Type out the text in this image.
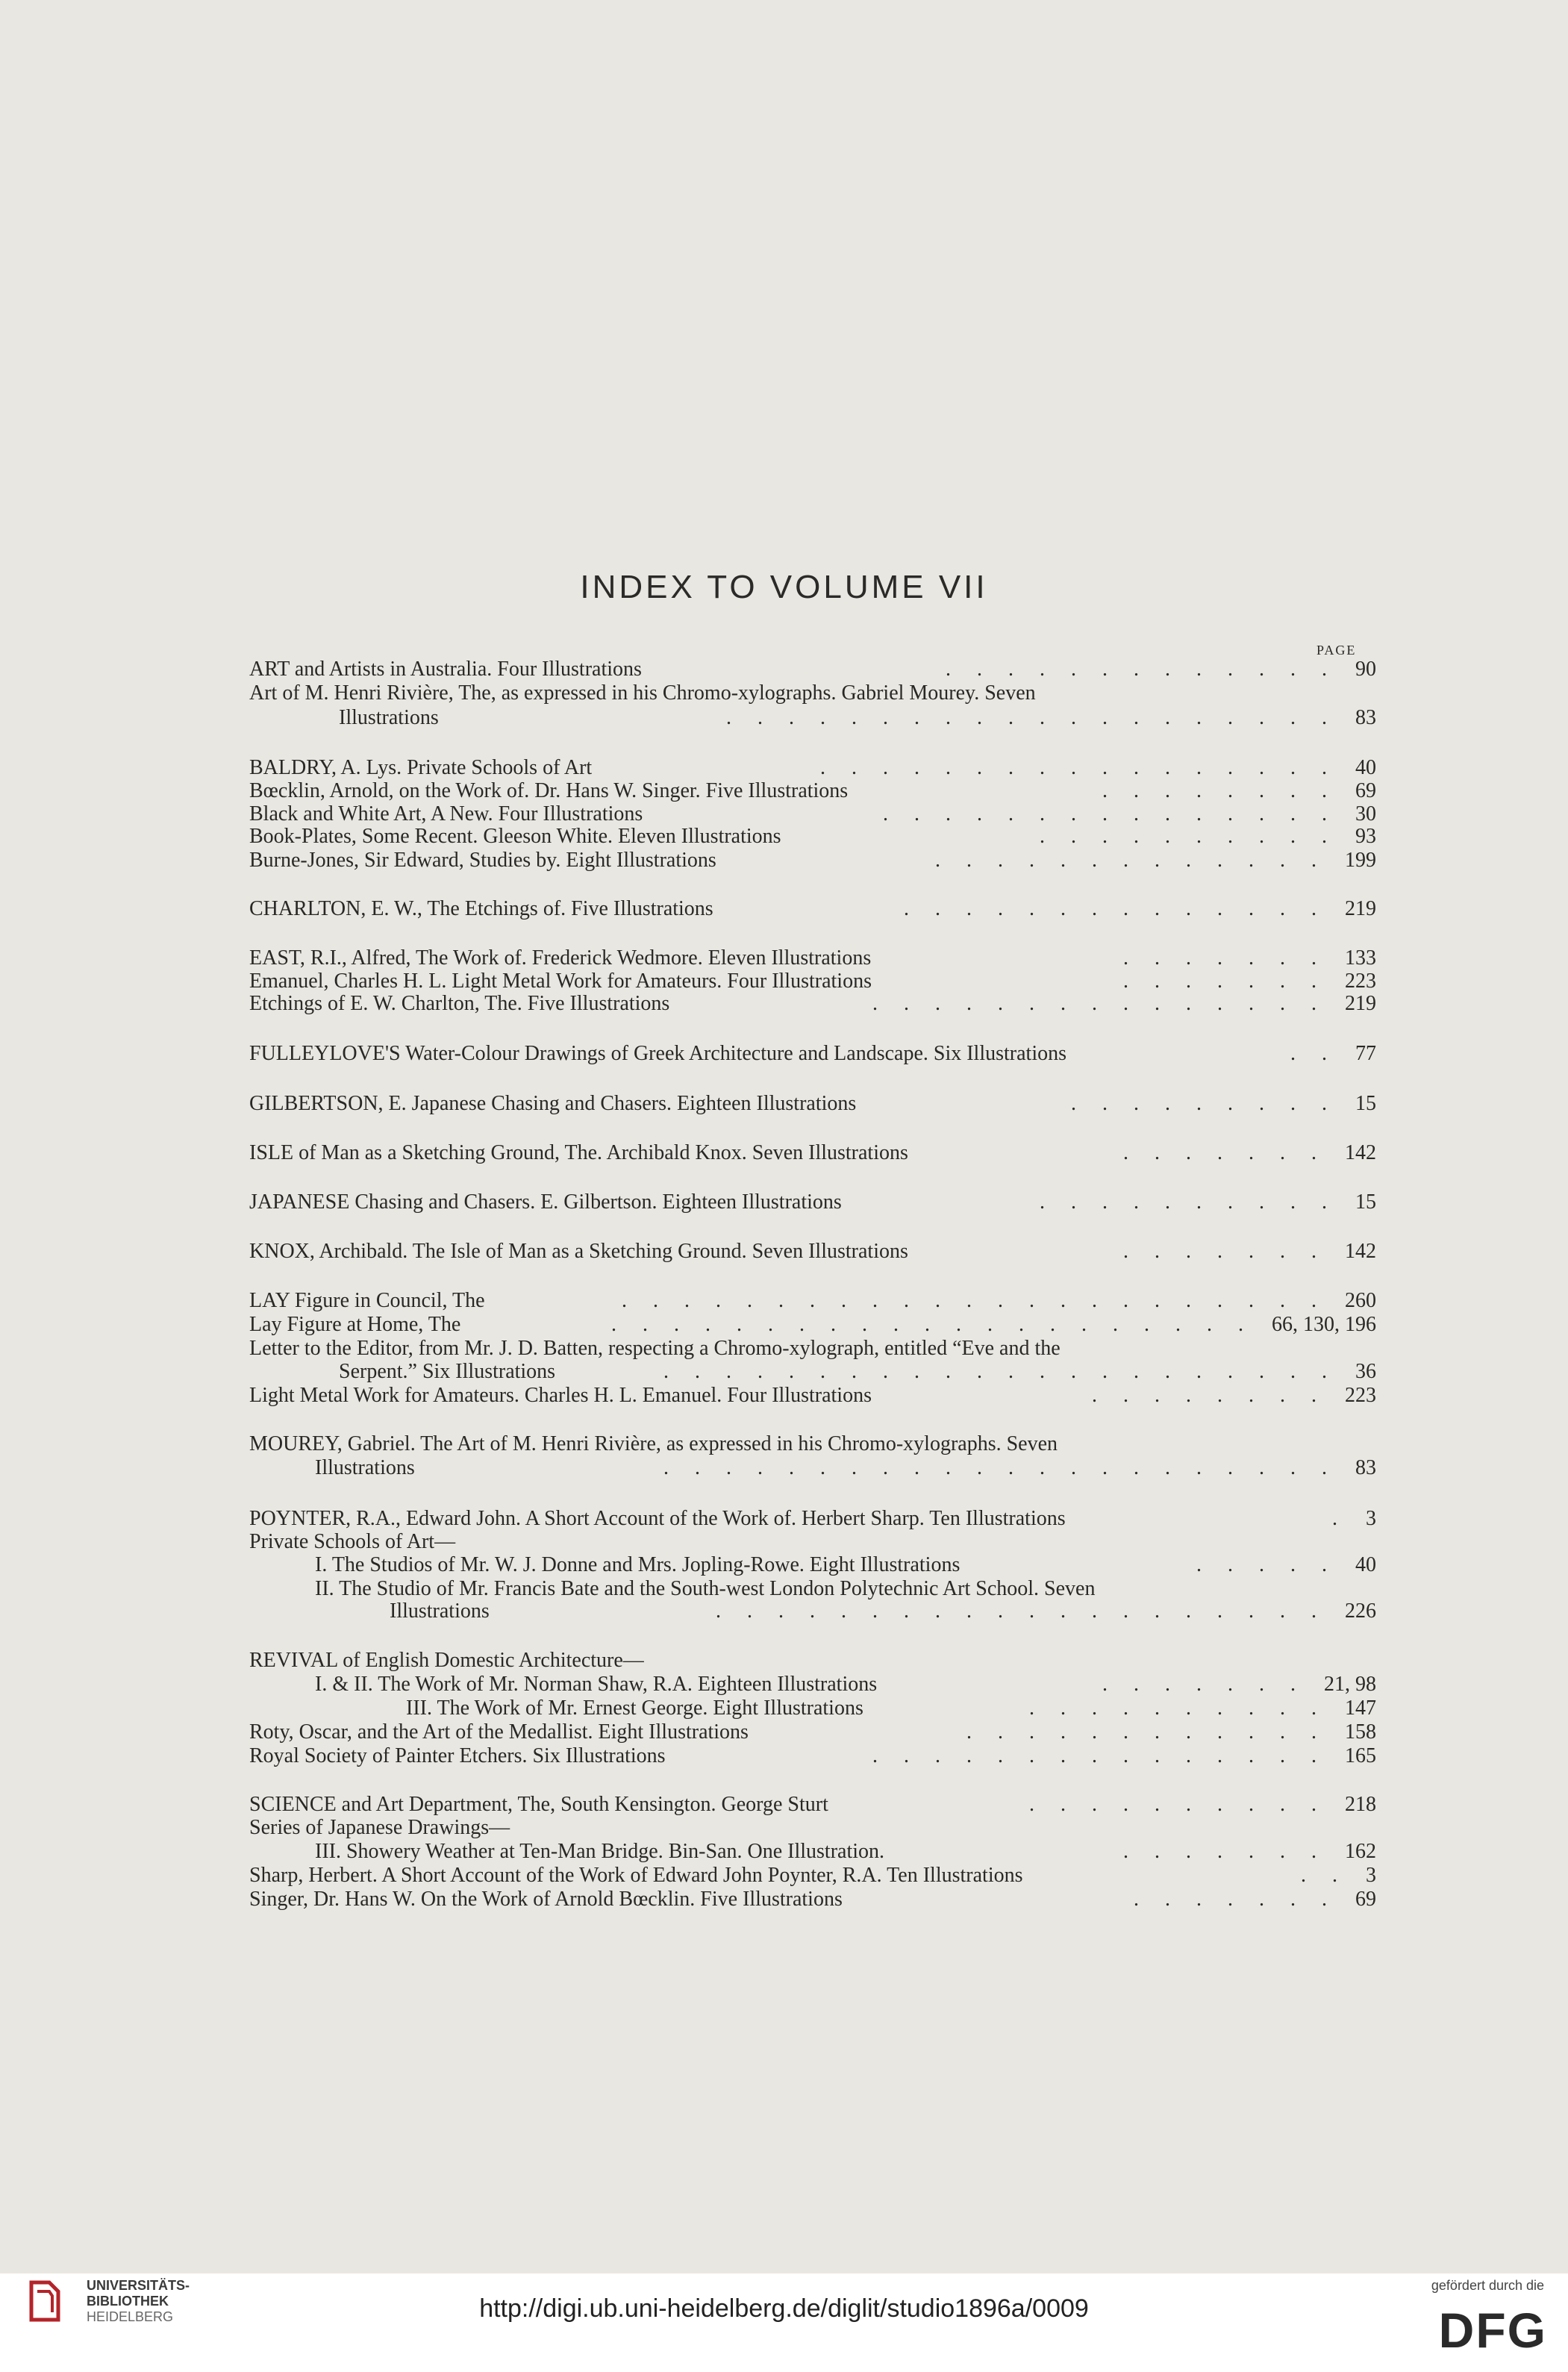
INDEX TO VOLUME VII
PAGE
ART and Artists in Australia. Four Illustrations	90
. . . . . . . . . . . . .
Art of M. Henri Rivière, The, as expressed in his Chromo-xylographs. Gabriel Mourey. Seven
Illustrations	83
. . . . . . . . . . . . . . . . . . . .
BALDRY, A. Lys. Private Schools of Art	40
. . . . . . . . . . . . . . . . .
Bœcklin, Arnold, on the Work of. Dr. Hans W. Singer. Five Illustrations	69
. . . . . . . .
Black and White Art, A New. Four Illustrations	30
. . . . . . . . . . . . . . .
Book-Plates, Some Recent. Gleeson White. Eleven Illustrations	93
. . . . . . . . . .
Burne-Jones, Sir Edward, Studies by. Eight Illustrations	199
. . . . . . . . . . . . .
CHARLTON, E. W., The Etchings of. Five Illustrations	219
. . . . . . . . . . . . . .
EAST, R.I., Alfred, The Work of. Frederick Wedmore. Eleven Illustrations	133
. . . . . . .
Emanuel, Charles H. L. Light Metal Work for Amateurs. Four Illustrations	223
. . . . . . .
Etchings of E. W. Charlton, The. Five Illustrations	219
. . . . . . . . . . . . . . .
FULLEYLOVE'S Water-Colour Drawings of Greek Architecture and Landscape. Six Illustrations	77
. .
GILBERTSON, E. Japanese Chasing and Chasers. Eighteen Illustrations	15
. . . . . . . . .
ISLE of Man as a Sketching Ground, The. Archibald Knox. Seven Illustrations	142
. . . . . . .
JAPANESE Chasing and Chasers. E. Gilbertson. Eighteen Illustrations	15
. . . . . . . . . .
KNOX, Archibald. The Isle of Man as a Sketching Ground. Seven Illustrations	142
. . . . . . .
LAY Figure in Council, The	260
. . . . . . . . . . . . . . . . . . . . . . .
Lay Figure at Home, The	66, 130, 196
. . . . . . . . . . . . . . . . . . . . .
Letter to the Editor, from Mr. J. D. Batten, respecting a Chromo-xylograph, entitled “Eve and the
Serpent.” Six Illustrations	36
. . . . . . . . . . . . . . . . . . . . . .
Light Metal Work for Amateurs. Charles H. L. Emanuel. Four Illustrations	223
. . . . . . . .
MOUREY, Gabriel. The Art of M. Henri Rivière, as expressed in his Chromo-xylographs. Seven
Illustrations	83
. . . . . . . . . . . . . . . . . . . . . .
POYNTER, R.A., Edward John. A Short Account of the Work of. Herbert Sharp. Ten Illustrations	3
.
Private Schools of Art—
I. The Studios of Mr. W. J. Donne and Mrs. Jopling-Rowe. Eight Illustrations	40
. . . . .
II. The Studio of Mr. Francis Bate and the South-west London Polytechnic Art School. Seven
Illustrations	226
. . . . . . . . . . . . . . . . . . . .
REVIVAL of English Domestic Architecture—
I. & II. The Work of Mr. Norman Shaw, R.A. Eighteen Illustrations	21, 98
. . . . . . .
III. The Work of Mr. Ernest George. Eight Illustrations	147
. . . . . . . . . .
Roty, Oscar, and the Art of the Medallist. Eight Illustrations	158
. . . . . . . . . . . .
Royal Society of Painter Etchers. Six Illustrations	165
. . . . . . . . . . . . . . .
SCIENCE and Art Department, The, South Kensington. George Sturt	218
. . . . . . . . . .
Series of Japanese Drawings—
III. Showery Weather at Ten-Man Bridge. Bin-San. One Illustration.	162
. . . . . . .
Sharp, Herbert. A Short Account of the Work of Edward John Poynter, R.A. Ten Illustrations	3
. .
Singer, Dr. Hans W. On the Work of Arnold Bœcklin. Five Illustrations	69
. . . . . . .
UNIVERSITÄTS-
BIBLIOTHEK
HEIDELBERG	http://digi.ub.uni-heidelberg.de/diglit/studio1896a/0009
gefördert durch die
DFG
